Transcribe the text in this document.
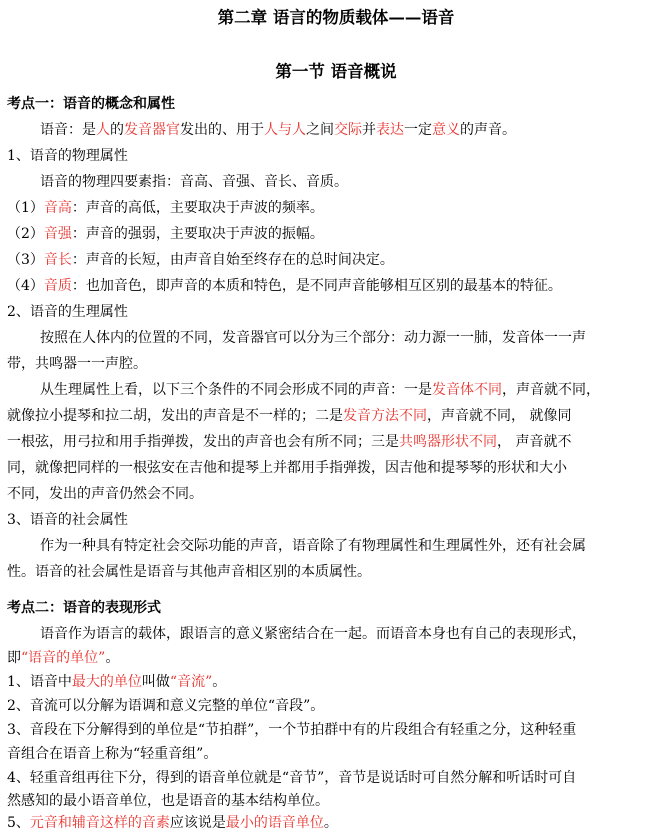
第二章 语言的物质载体——语音
第一节 语音概说
考点一：语音的概念和属性
语音：是人的发音器官发出的、用于人与人之间交际并表达一定意义的声音。
1、语音的物理属性
语音的物理四要素指：音高、音强、音长、音质。
（1）音高：声音的高低，主要取决于声波的频率。
（2）音强：声音的强弱，主要取决于声波的振幅。
（3）音长：声音的长短，由声音自始至终存在的总时间决定。
（4）音质：也加音色，即声音的本质和特色，是不同声音能够相互区别的最基本的特征。
2、语音的生理属性
按照在人体内的位置的不同，发音器官可以分为三个部分：动力源一一肺，发音体一一声
带，共鸣器一一声腔。
从生理属性上看，以下三个条件的不同会形成不同的声音：一是发音体不同，声音就不同，
就像拉小提琴和拉二胡，发出的声音是不一样的；二是发音方法不同，声音就不同， 就像同
一根弦，用弓拉和用手指弹拨，发出的声音也会有所不同；三是共鸣器形状不同， 声音就不
同，就像把同样的一根弦安在吉他和提琴上并都用手指弹拨，因吉他和提琴琴的形状和大小
不同，发出的声音仍然会不同。
3、语音的社会属性
作为一种具有特定社会交际功能的声音，语音除了有物理属性和生理属性外，还有社会属
性。语音的社会属性是语音与其他声音相区别的本质属性。
考点二：语音的表现形式
语音作为语言的载体，跟语言的意义紧密结合在一起。而语音本身也有自己的表现形式，
即“语音的单位”。
1、语音中最大的单位叫做“音流”。
2、音流可以分解为语调和意义完整的单位“音段”。
3、音段在下分解得到的单位是“节拍群”，一个节拍群中有的片段组合有轻重之分，这种轻重
音组合在语音上称为“轻重音组”。
4、轻重音组再往下分，得到的语音单位就是“音节”，音节是说话时可自然分解和听话时可自
然感知的最小语音单位，也是语音的基本结构单位。
5、元音和辅音这样的音素应该说是最小的语音单位。
